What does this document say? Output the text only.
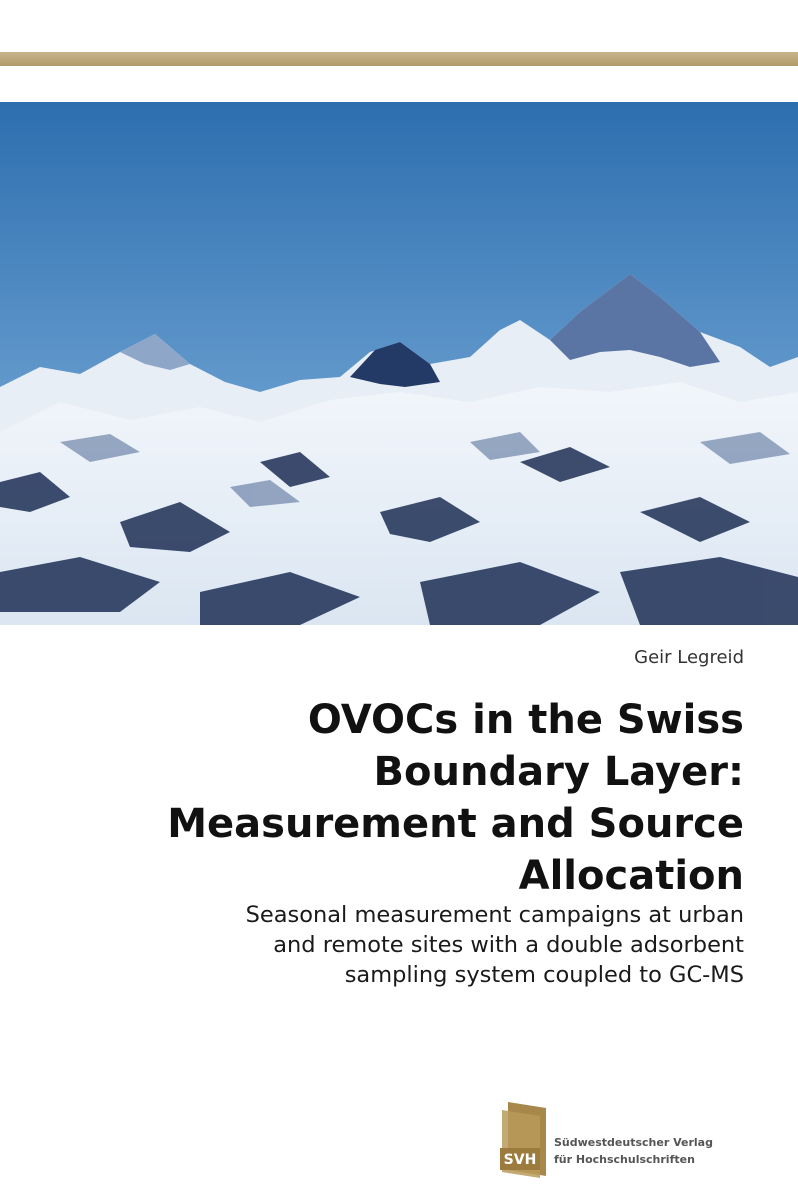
Geir Legreid
OVOCs in the Swiss
Boundary Layer:
Measurement and Source
Allocation

Seasonal measurement campaigns at urban
and remote sites with a double adsorbent
sampling system coupled to GC-MS

SVH
Südwestdeutscher Verlag
für Hochschulschriften
